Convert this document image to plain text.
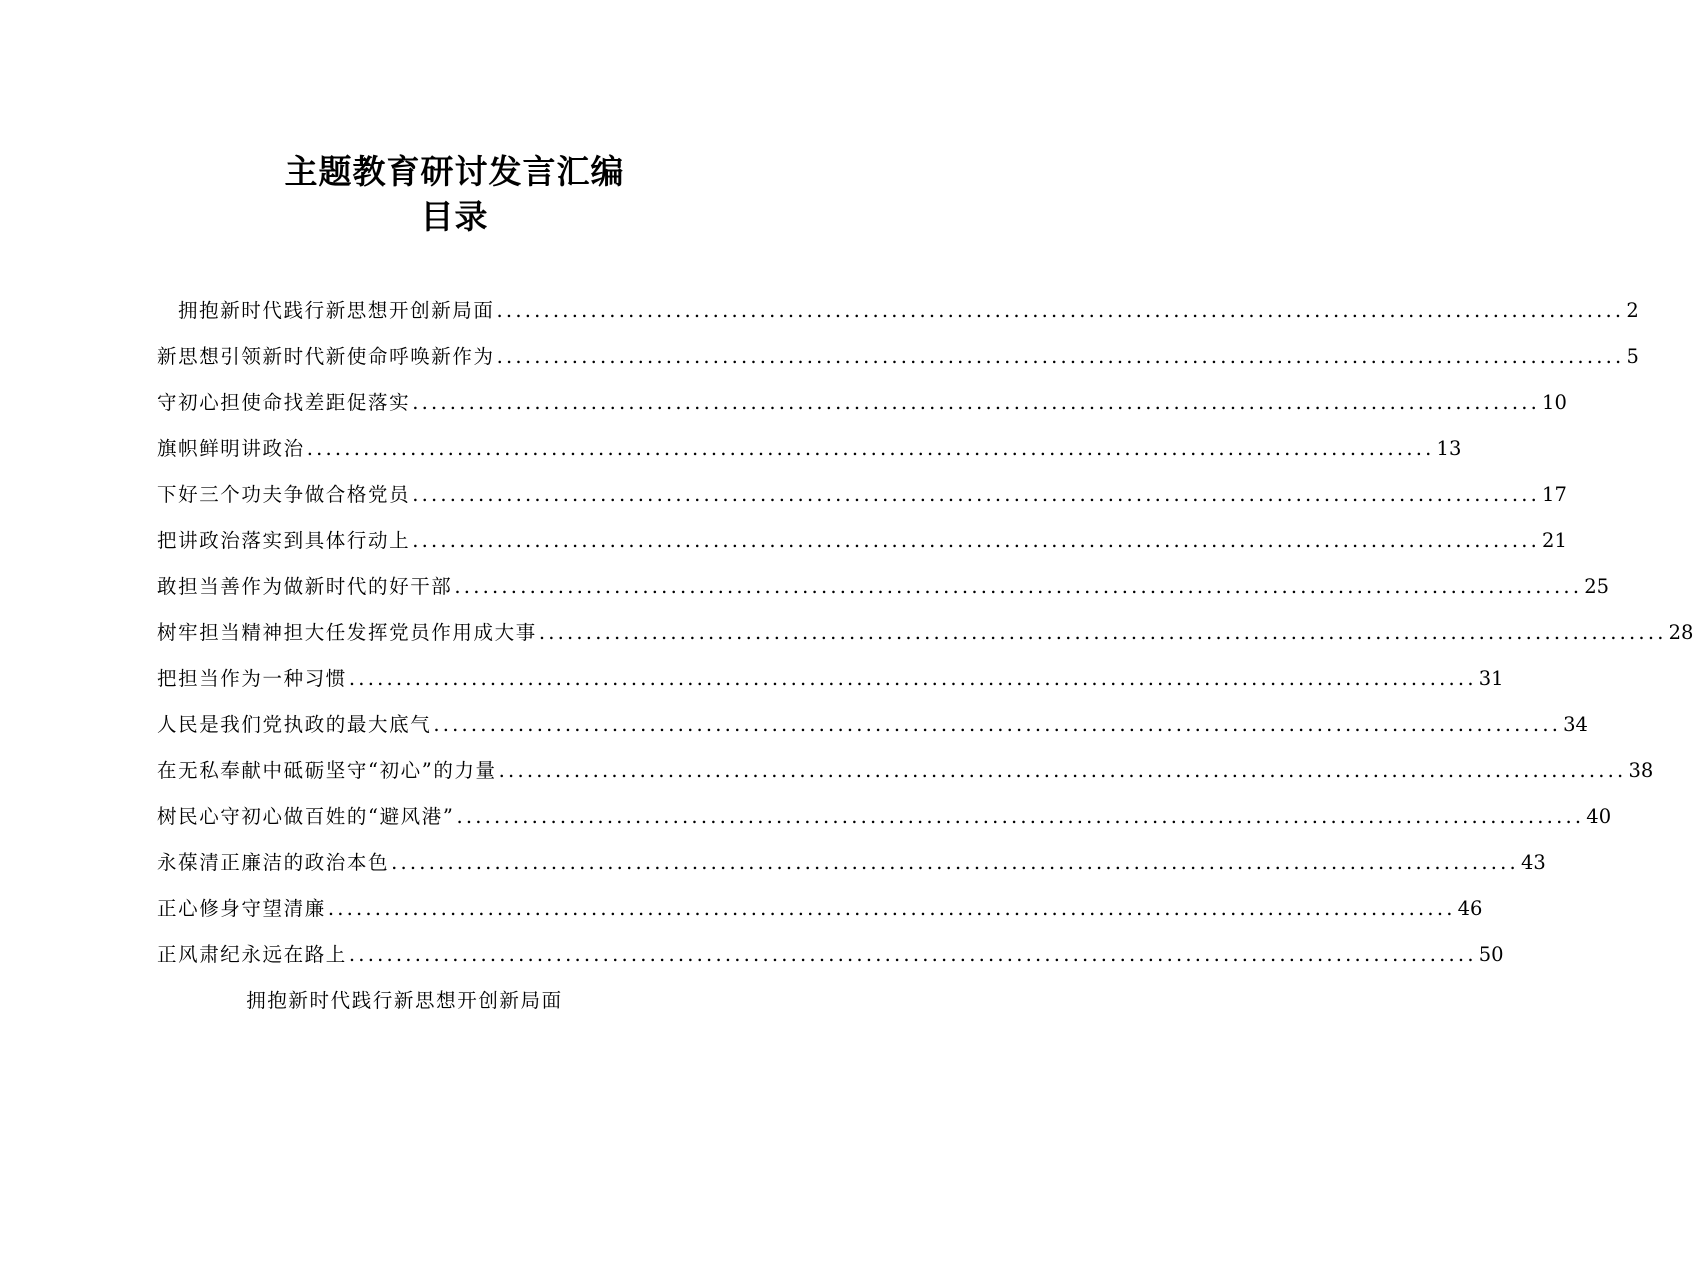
主题教育研讨发言汇编
目录
拥抱新时代践行新思想开创新局面 ........................................................................................................................ 2
新思想引领新时代新使命呼唤新作为 ........................................................................................................................ 5
守初心担使命找差距促落实 ........................................................................................................................ 10
旗帜鲜明讲政治 ........................................................................................................................ 13
下好三个功夫争做合格党员 ........................................................................................................................ 17
把讲政治落实到具体行动上 ........................................................................................................................ 21
敢担当善作为做新时代的好干部 ........................................................................................................................ 25
树牢担当精神担大任发挥党员作用成大事 ........................................................................................................................ 28
把担当作为一种习惯 ........................................................................................................................ 31
人民是我们党执政的最大底气 ........................................................................................................................ 34
在无私奉献中砥砺坚守“初心”的力量 ........................................................................................................................ 38
树民心守初心做百姓的“避风港” ........................................................................................................................ 40
永葆清正廉洁的政治本色 ........................................................................................................................ 43
正心修身守望清廉 ........................................................................................................................ 46
正风肃纪永远在路上 ........................................................................................................................ 50
拥抱新时代践行新思想开创新局面
